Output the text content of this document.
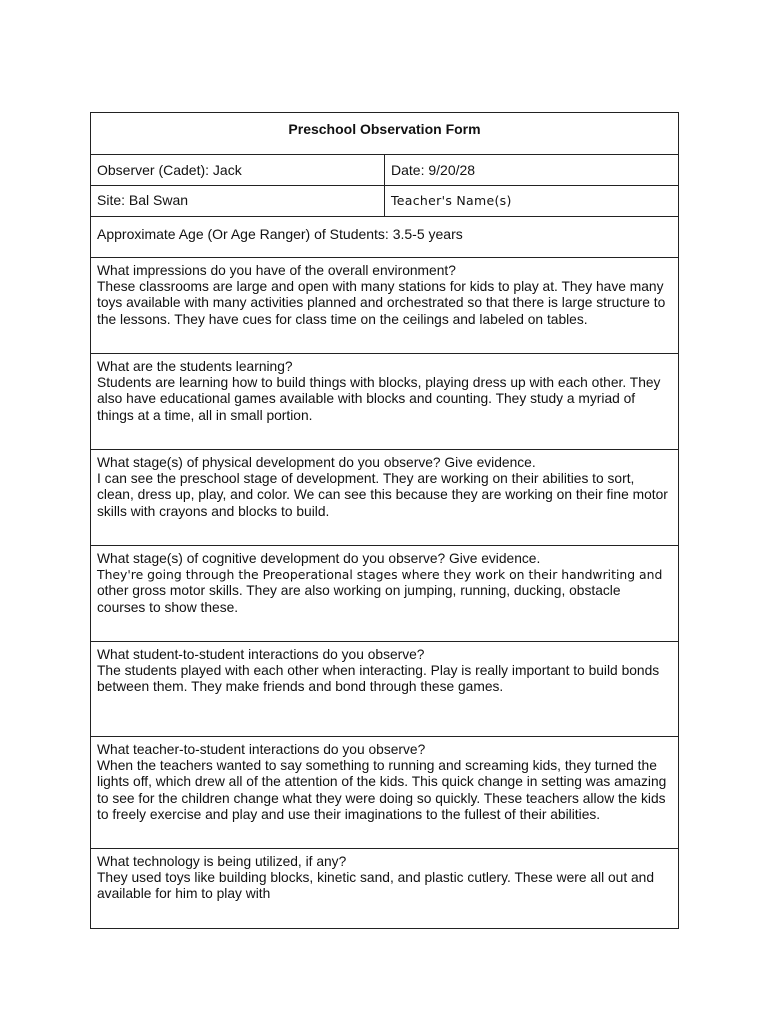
Preschool Observation Form
Observer (Cadet): Jack	Date: 9/20/28
Site: Bal Swan	Teacher's Name(s)
Approximate Age (Or Age Ranger) of Students: 3.5-5 years

What impressions do you have of the overall environment?

These classrooms are large and open with many stations for kids to play at. They have many

toys available with many activities planned and orchestrated so that there is large structure to

the lessons. They have cues for class time on the ceilings and labeled on tables.

What are the students learning?

Students are learning how to build things with blocks, playing dress up with each other. They

also have educational games available with blocks and counting. They study a myriad of

things at a time, all in small portion.

What stage(s) of physical development do you observe? Give evidence.

I can see the preschool stage of development. They are working on their abilities to sort,

clean, dress up, play, and color. We can see this because they are working on their fine motor

skills with crayons and blocks to build.

What stage(s) of cognitive development do you observe? Give evidence.

They're going through the Preoperational stages where they work on their handwriting and

other gross motor skills. They are also working on jumping, running, ducking, obstacle

courses to show these.

What student-to-student interactions do you observe?

The students played with each other when interacting. Play is really important to build bonds

between them. They make friends and bond through these games.

What teacher-to-student interactions do you observe?

When the teachers wanted to say something to running and screaming kids, they turned the

lights off, which drew all of the attention of the kids. This quick change in setting was amazing

to see for the children change what they were doing so quickly. These teachers allow the kids

to freely exercise and play and use their imaginations to the fullest of their abilities.

What technology is being utilized, if any?

They used toys like building blocks, kinetic sand, and plastic cutlery. These were all out and

available for him to play with
